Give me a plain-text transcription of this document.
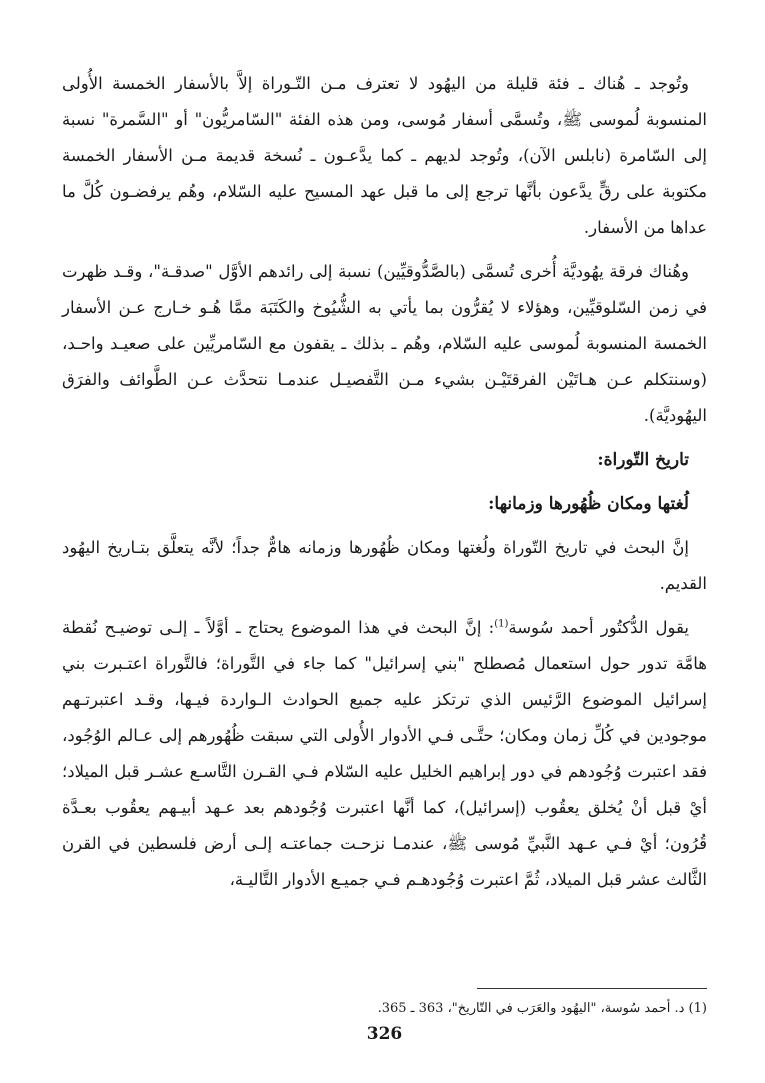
وتُوجد ـ هُناك ـ فئة قليلة من اليهُود لا تعترف مـن التّـوراة إلاَّ بالأسفار الخمسة الأُولى المنسوبة لُموسى ﷺ، وتُسمَّى أسفار مُوسى، ومن هذه الفئة "السّامريُّون" أو "السَّمرة" نسبة إلى السّامرة (نابلس الآن)، وتُوجد لديهم ـ كما يدَّعـون ـ نُسخة قديمة مـن الأسفار الخمسة مكتوبة على رقٍّ يدَّعون بأنَّها ترجع إلى ما قبل عهد المسيح عليه السّلام، وهُم يرفضـون كُلَّ ما عداها من الأسفار.

وهُناك فرقة يهُوديَّة أُخرى تُسمَّى (بالصَّدُّوقيِّين) نسبة إلى رائدهم الأوَّل "صدقـة"، وقـد ظهرت في زمن السّلوقيِّين، وهؤلاء لا يُقرُّون بما يأتي به الشُّيُوخ والكَتَبَة ممَّا هُـو خـارج عـن الأسفار الخمسة المنسوبة لُموسى عليه السّلام، وهُم ـ بذلك ـ يقفون مع السّامريِّين على صعيـد واحـد، (وسنتكلم عـن هـاتَيْن الفرقتَيْـن بشيء مـن التَّفصيـل عندمـا نتحدَّث عـن الطَّوائف والفرَق اليهُوديَّة).

تاريخ التّوراة:
لُغتها ومكان ظُهُورها وزمانها:

إنَّ البحث في تاريخ التّوراة ولُغتها ومكان ظُهُورها وزمانه هامٌّ جداً؛ لأنَّه يتعلَّق بتـاريخ اليهُود القديم.

يقول الدُّكتُور أحمد سُوسة$^{(1)}$: إنَّ البحث في هذا الموضوع يحتاج ـ أوَّلاً ـ إلـى توضيـح نُقطة هامَّة تدور حول استعمال مُصطلح "بني إسرائيل" كما جاء في التَّوراة؛ فالتَّوراة اعتـبرت بني إسرائيل الموضوع الرَّئيس الذي ترتكز عليه جميع الحوادث الـواردة فيـها، وقـد اعتبرتـهم موجودين في كُلِّ زمان ومكان؛ حتَّـى فـي الأدوار الأُولى التي سبقت ظُهُورهم إلى عـالم الوُجُود، فقد اعتبرت وُجُودهم في دور إبراهيم الخليل عليه السّلام فـي القـرن التَّاسـع عشـر قبل الميلاد؛ أيْ قبل أنْ يُخلق يعقُوب (إسرائيل)، كما أنَّها اعتبرت وُجُودهم بعد عـهد أبيـهم يعقُوب بعـدَّة قُرُون؛ أيْ فـي عـهد النَّبيِّ مُوسى ﷺ، عندمـا نزحـت جماعتـه إلـى أرض فلسطين في القرن الثَّالث عشر قبل الميلاد، ثُمَّ اعتبرت وُجُودهـم فـي جميـع الأدوار التَّاليـة،

(1) د. أحمد سُوسة، "اليهُود والعَرَب في التّاريخ"، 363 ـ 365.
326
